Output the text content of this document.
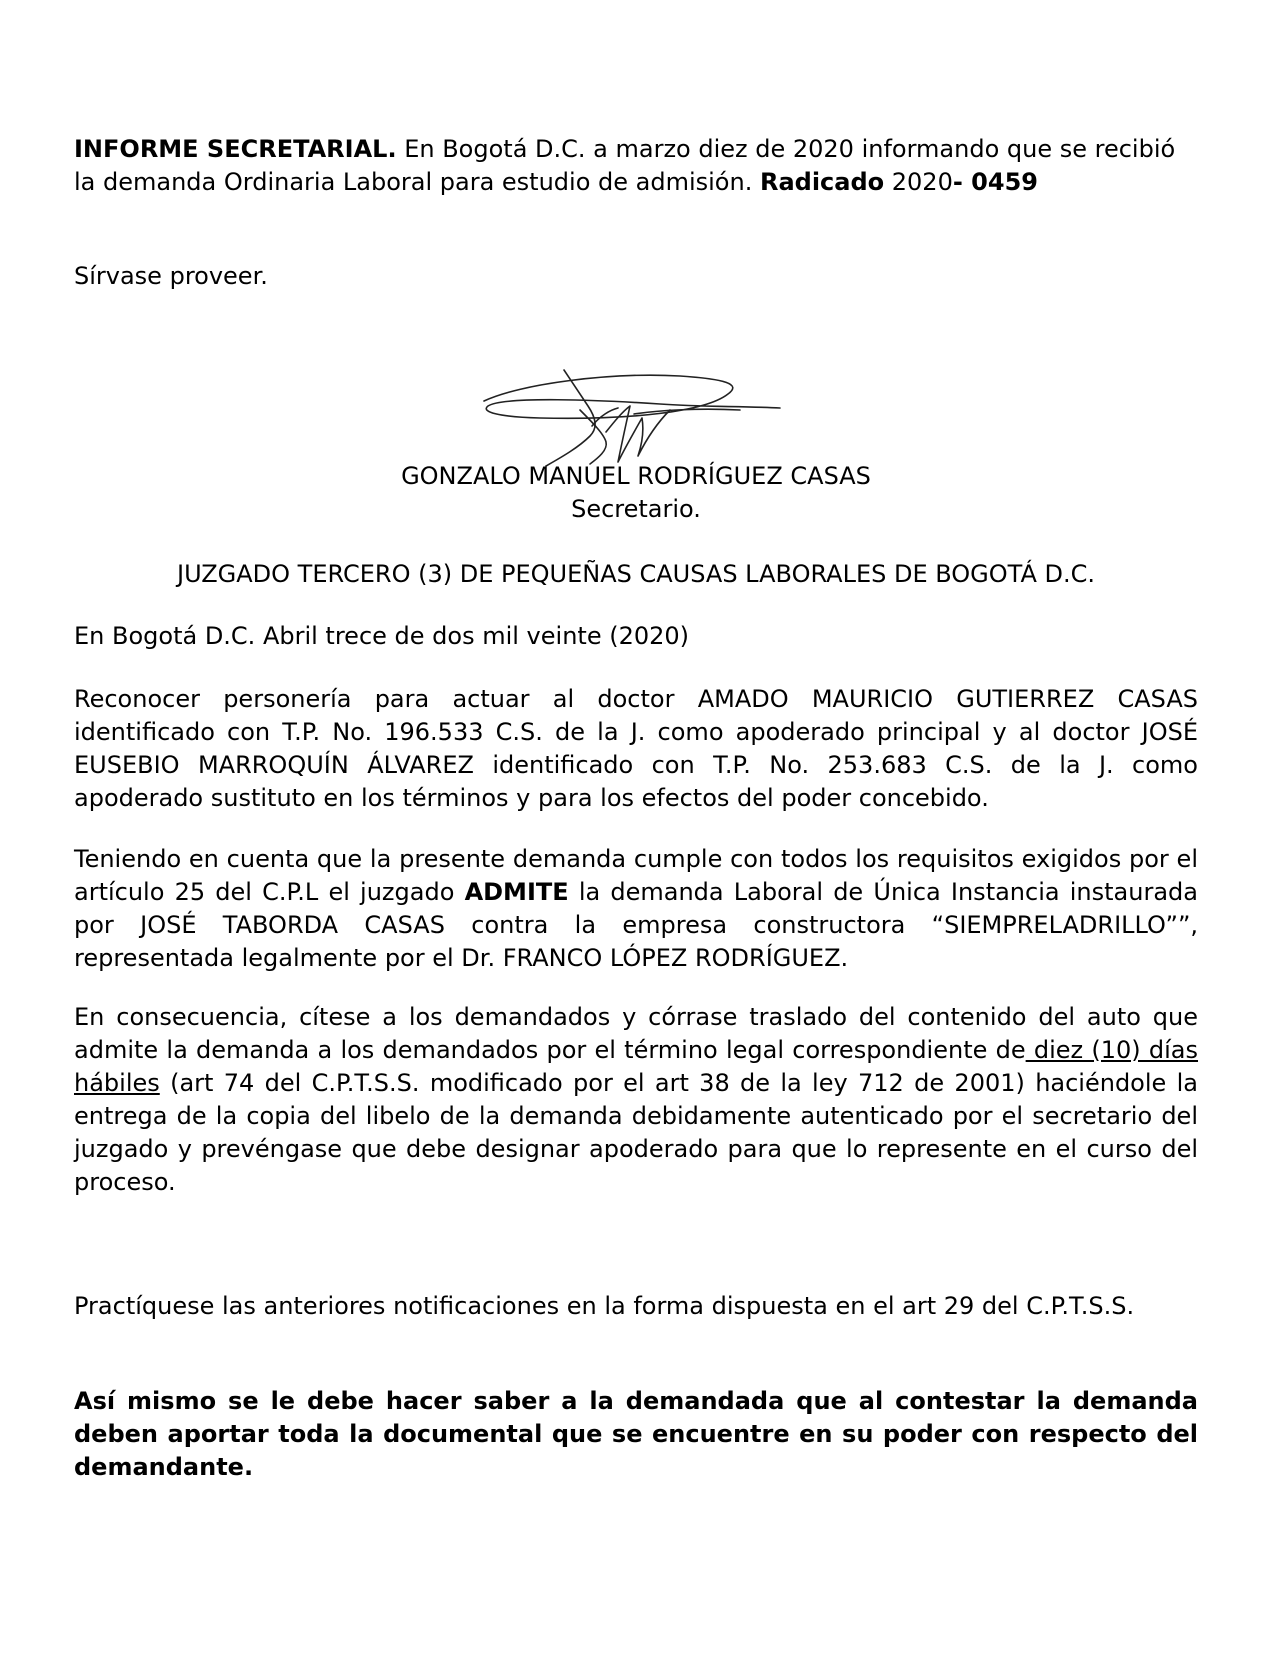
INFORME SECRETARIAL. En Bogotá D.C. a marzo diez de 2020 informando que se recibió la demanda Ordinaria Laboral para estudio de admisión. Radicado 2020- 0459

Sírvase proveer.

GONZALO MANUEL RODRÍGUEZ CASAS

Secretario.

JUZGADO TERCERO (3) DE PEQUEÑAS CAUSAS LABORALES DE BOGOTÁ D.C.

En Bogotá D.C. Abril trece de dos mil veinte (2020)

Reconocer personería para actuar al doctor AMADO MAURICIO GUTIERREZ CASAS identificado con T.P. No. 196.533 C.S. de la J. como apoderado principal y al doctor JOSÉ EUSEBIO MARROQUÍN ÁLVAREZ identificado con T.P. No. 253.683 C.S. de la J. como apoderado sustituto en los términos y para los efectos del poder concebido.

Teniendo en cuenta que la presente demanda cumple con todos los requisitos exigidos por el artículo 25 del C.P.L el juzgado ADMITE la demanda Laboral de Única Instancia instaurada por JOSÉ TABORDA CASAS contra la empresa constructora “SIEMPRELADRILLO””, representada legalmente por el Dr. FRANCO LÓPEZ RODRÍGUEZ.

En consecuencia, cítese a los demandados y córrase traslado del contenido del auto que admite la demanda a los demandados por el término legal correspondiente de diez (10) días hábiles (art 74 del C.P.T.S.S. modificado por el art 38 de la ley 712 de 2001) haciéndole la entrega de la copia del libelo de la demanda debidamente autenticado por el secretario del juzgado y prevéngase que debe designar apoderado para que lo represente en el curso del proceso.

Practíquese las anteriores notificaciones en la forma dispuesta en el art 29 del C.P.T.S.S.

Así mismo se le debe hacer saber a la demandada que al contestar la demanda deben aportar toda la documental que se encuentre en su poder con respecto del demandante.
